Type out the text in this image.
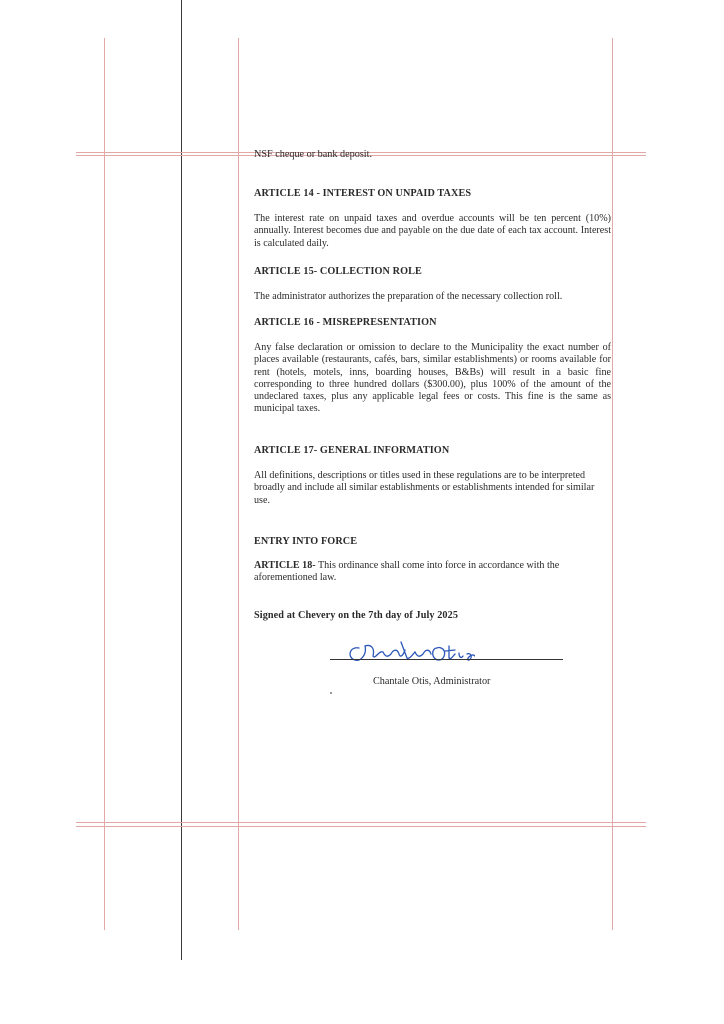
NSF cheque or bank deposit.
ARTICLE 14 - INTEREST ON UNPAID TAXES
The interest rate on unpaid taxes and overdue accounts will be ten percent (10%) annually. Interest becomes due and payable on the due date of each tax account. Interest is calculated daily.
ARTICLE 15- COLLECTION ROLE
The administrator authorizes the preparation of the necessary collection roll.
ARTICLE 16 - MISREPRESENTATION
Any false declaration or omission to declare to the Municipality the exact number of places available (restaurants, cafés, bars, similar establishments) or rooms available for rent (hotels, motels, inns, boarding houses, B&Bs) will result in a basic fine corresponding to three hundred dollars ($300.00), plus 100% of the amount of the undeclared taxes, plus any applicable legal fees or costs. This fine is the same as municipal taxes.
ARTICLE 17- GENERAL INFORMATION
All definitions, descriptions or titles used in these regulations are to be interpreted broadly and include all similar establishments or establishments intended for similar use.
ENTRY INTO FORCE
ARTICLE 18- This ordinance shall come into force in accordance with the aforementioned law.
Signed at Chevery on the 7th day of July 2025
Chantale Otis, Administrator
